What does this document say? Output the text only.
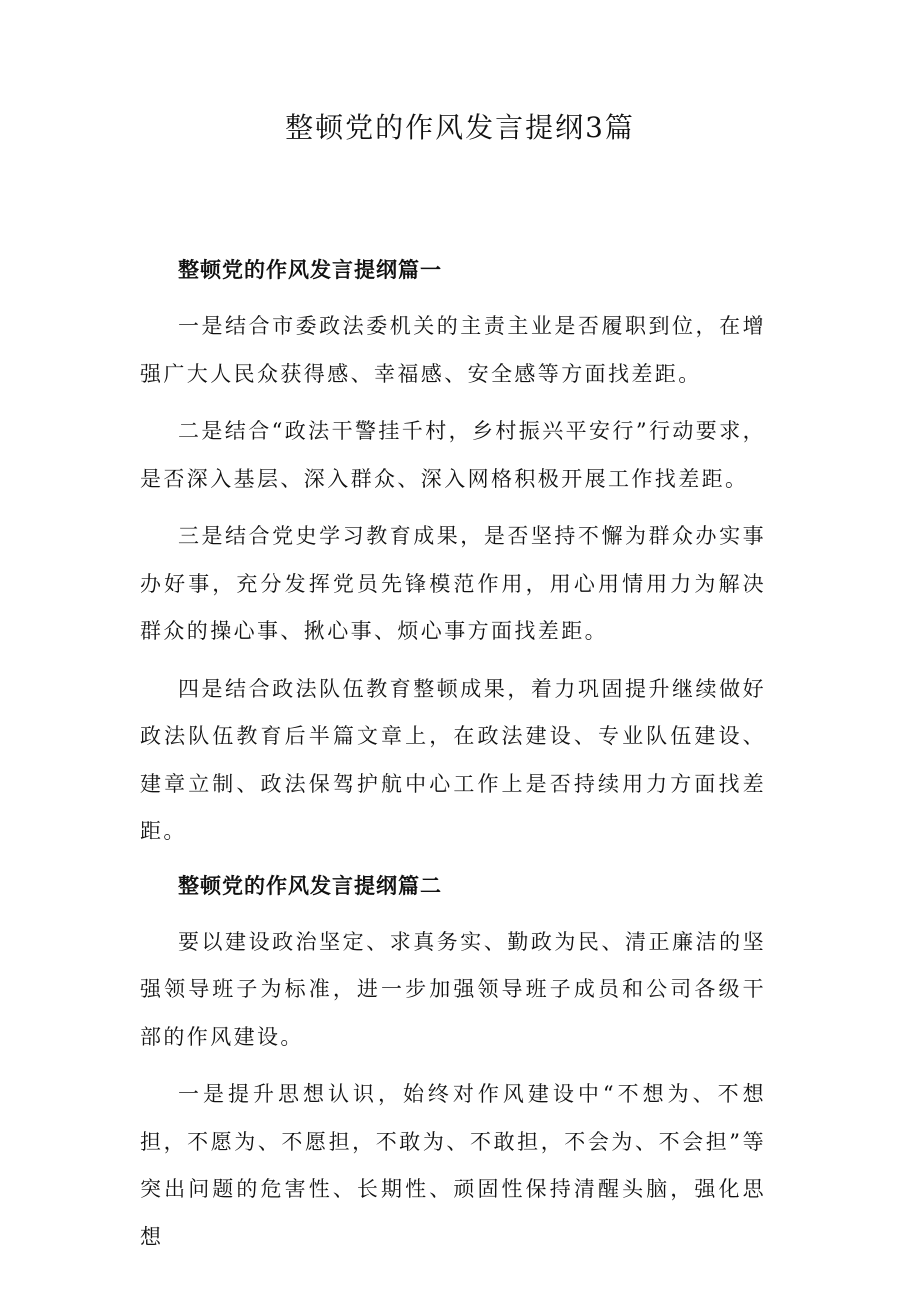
整顿党的作风发言提纲3篇

整顿党的作风发言提纲篇一

一是结合市委政法委机关的主责主业是否履职到位，在增强广大人民众获得感、幸福感、安全感等方面找差距。

二是结合“政法干警挂千村，乡村振兴平安行”行动要求，是否深入基层、深入群众、深入网格积极开展工作找差距。

三是结合党史学习教育成果，是否坚持不懈为群众办实事办好事，充分发挥党员先锋模范作用，用心用情用力为解决群众的操心事、揪心事、烦心事方面找差距。

四是结合政法队伍教育整顿成果，着力巩固提升继续做好政法队伍教育后半篇文章上，在政法建设、专业队伍建设、建章立制、政法保驾护航中心工作上是否持续用力方面找差距。

整顿党的作风发言提纲篇二

要以建设政治坚定、求真务实、勤政为民、清正廉洁的坚强领导班子为标准，进一步加强领导班子成员和公司各级干部的作风建设。

一是提升思想认识，始终对作风建设中“不想为、不想担，不愿为、不愿担，不敢为、不敢担，不会为、不会担”等突出问题的危害性、长期性、顽固性保持清醒头脑，强化思想
